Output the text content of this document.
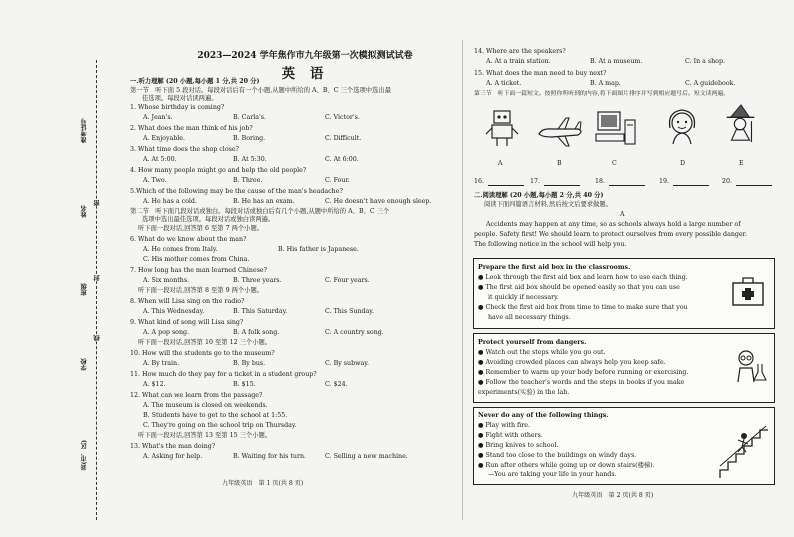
准考证号
姓名
班级
学校
县(市、区)
密
封
线
2023—2024 学年焦作市九年级第一次模拟测试试卷
英 语
一.听力理解 (20 小题,每小题 1 分,共 20 分)
第一节　听下面 5 段对话。每段对话后有一个小题,从题中所给的 A、B、C 三个选项中选出最
佳选项。每段对话读两遍。
1. Whose birthday is coming?
A. Jean's.	B. Carla's.	C. Victor's.
2. What does the man think of his job?
A. Enjoyable.	B. Boring.	C. Difficult.
3. What time does the shop close?
A. At 5:00.	B. At 5:30.	C. At 6:00.
4. How many people might go and help the old people?
A. Two.	B. Three.	C. Four.
5.Which of the following may be the cause of the man's headache?
A. He has a cold.	B. He has an exam.	C. He doesn't have enough sleep.
第二节　听下面几段对话或独白。每段对话或独白后有几个小题,从题中所给的 A、B、C 三个
选项中选出最佳选项。每段对话或独白读两遍。
听下面一段对话,回答第 6 至第 7 两个小题。
6. What do we know about the man?
A. He comes from Italy.	B. His father is Japanese.
C. His mother comes from China.
7. How long has the man learned Chinese?
A. Six months.	B. Three years.	C. Four years.
听下面一段对话,回答第 8 至第 9 两个小题。
8. When will Lisa sing on the radio?
A. This Wednesday.	B. This Saturday.	C. This Sunday.
9. What kind of song will Lisa sing?
A. A pop song.	B. A folk song.	C. A country song.
听下面一段对话,回答第 10 至第 12 三个小题。
10. How will the students go to the museum?
A. By train.	B. By bus.	C. By subway.
11. How much do they pay for a ticket in a student group?
A. $12.	B. $15.	C. $24.
12. What can we learn from the passage?
A. The museum is closed on weekends.
B. Students have to get to the school at 1:55.
C. They're going on the school trip on Thursday.
听下面一段对话,回答第 13 至第 15 三个小题。
13. What's the man doing?
A. Asking for help.	B. Waiting for his turn.	C. Selling a new machine.
九年级英语　第 1 页(共 8 页)
14. Where are the speakers?
A. At a train station.	B. At a museum.	C. In a shop.
15. What does the man need to buy next?
A. A ticket.	B. A map.	C. A guidebook.
第三节　听下面一篇短文。按照你所听到的内容,将下面图片排序并写到相应题号后。短文读两遍。
A	B	C	D	E
16.	17.	18.	19.	20.
二.阅读理解 (20 小题,每小题 2 分,共 40 分)
阅读下面四篇语言材料,然后按文后要求做题。
A
Accidents may happen at any time, so as schools always hold a large number of
people. Safety first! We should learn to protect ourselves from every possible danger.
The following notice in the school will help you.
Prepare the first aid box in the classrooms.
● Look through the first aid box and learn how to use each thing.
● The first aid box should be opened easily so that you can use
it quickly if necessary.
● Check the first aid box from time to time to make sure that you
have all necessary things.
Protect yourself from dangers.
● Watch out the steps while you go out.
● Avoiding crowded places can always help you keep safe.
● Remember to warm up your body before running or exercising.
● Follow the teacher's words and the steps in books if you make
experiments(实验) in the lab.
Never do any of the following things.
● Play with fire.
● Fight with others.
● Bring knives to school.
● Stand too close to the buildings on windy days.
● Run after others while going up or down stairs(楼梯).
—You are taking your life in your hands.
九年级英语　第 2 页(共 8 页)
